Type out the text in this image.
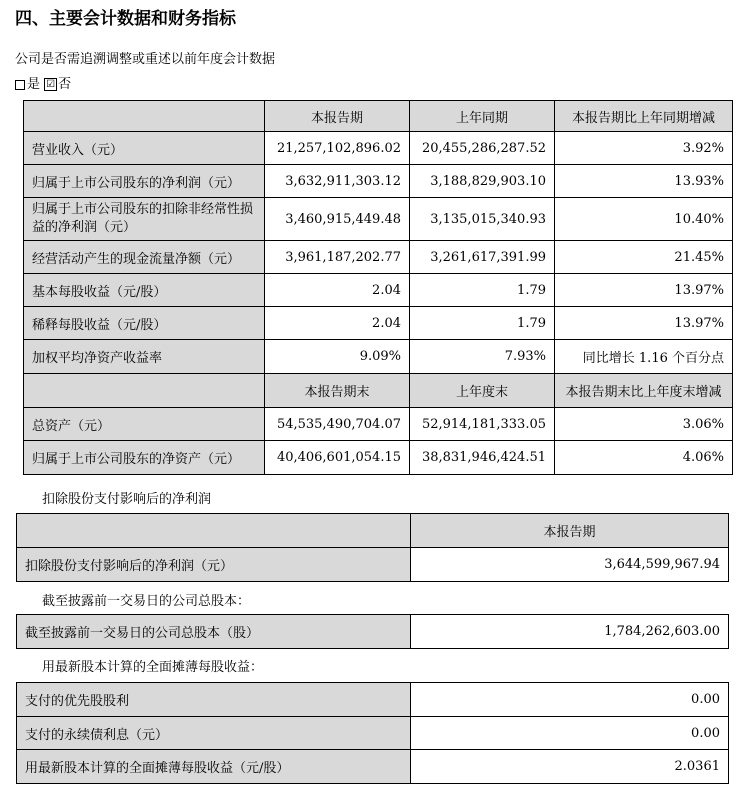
四、主要会计数据和财务指标
公司是否需追溯调整或重述以前年度会计数据
是 ☑ 否
	本报告期	上年同期	本报告期比上年同期增减
营业收入（元）	21,257,102,896.02	20,455,286,287.52	3.92%
归属于上市公司股东的净利润（元）	3,632,911,303.12	3,188,829,903.10	13.93%
归属于上市公司股东的扣除非经常性损益的净利润（元）	3,460,915,449.48	3,135,015,340.93	10.40%
经营活动产生的现金流量净额（元）	3,961,187,202.77	3,261,617,391.99	21.45%
基本每股收益（元/股）	2.04	1.79	13.97%
稀释每股收益（元/股）	2.04	1.79	13.97%
加权平均净资产收益率	9.09%	7.93%	同比增长 1.16 个百分点
	本报告期末	上年度末	本报告期末比上年度末增减
总资产（元）	54,535,490,704.07	52,914,181,333.05	3.06%
归属于上市公司股东的净资产（元）	40,406,601,054.15	38,831,946,424.51	4.06%
扣除股份支付影响后的净利润
	本报告期
扣除股份支付影响后的净利润（元）	3,644,599,967.94
截至披露前一交易日的公司总股本：
截至披露前一交易日的公司总股本（股）	1,784,262,603.00
用最新股本计算的全面摊薄每股收益：
支付的优先股股利	0.00
支付的永续债利息（元）	0.00
用最新股本计算的全面摊薄每股收益（元/股）	2.0361
